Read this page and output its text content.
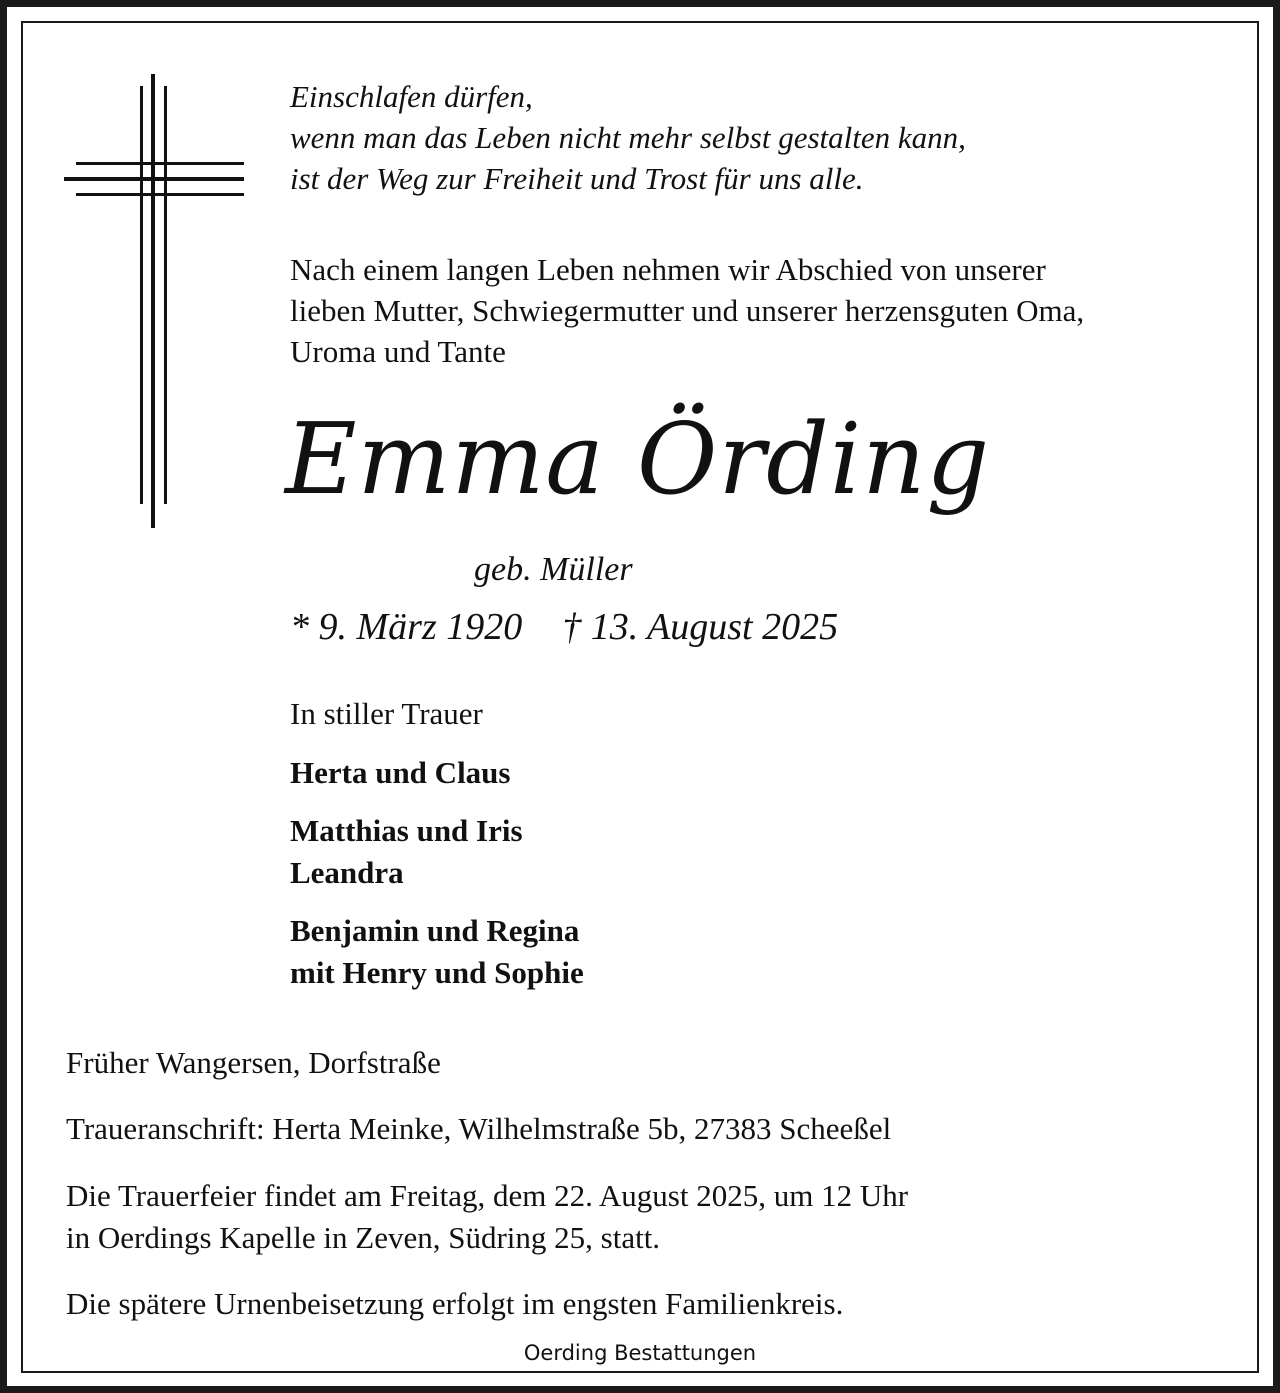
Einschlafen dürfen,
wenn man das Leben nicht mehr selbst gestalten kann,
ist der Weg zur Freiheit und Trost für uns alle.
Nach einem langen Leben nehmen wir Abschied von unserer
lieben Mutter, Schwiegermutter und unserer herzensguten Oma,
Uroma und Tante
Emma Örding
geb. Müller
* 9. März 1920 † 13. August 2025
In stiller Trauer
Herta und Claus
Matthias und Iris
Leandra
Benjamin und Regina
mit Henry und Sophie
Früher Wangersen, Dorfstraße
Traueranschrift: Herta Meinke, Wilhelmstraße 5b, 27383 Scheeßel
Die Trauerfeier findet am Freitag, dem 22. August 2025, um 12 Uhr
in Oerdings Kapelle in Zeven, Südring 25, statt.
Die spätere Urnenbeisetzung erfolgt im engsten Familienkreis.
Oerding Bestattungen
